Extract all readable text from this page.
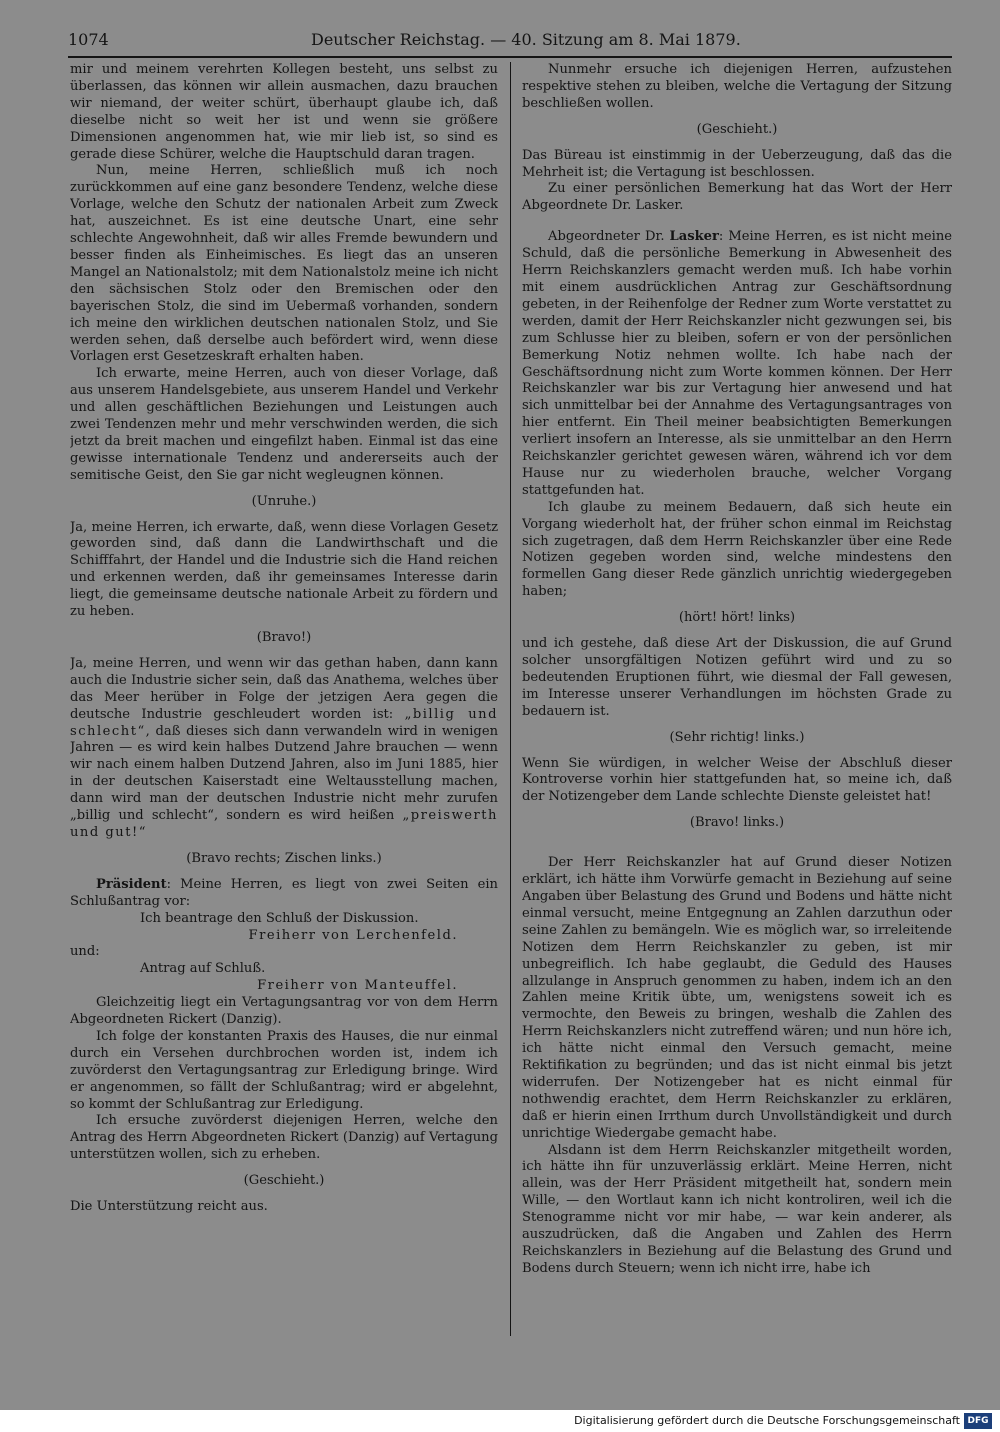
1074	Deutscher Reichstag. — 40. Sitzung am 8. Mai 1879.

mir und meinem verehrten Kollegen besteht, uns selbst zu überlassen, das können wir allein ausmachen, dazu brauchen wir niemand, der weiter schürt, überhaupt glaube ich, daß dieselbe nicht so weit her ist und wenn sie größere Dimensionen angenommen hat, wie mir lieb ist, so sind es gerade diese Schürer, welche die Hauptschuld daran tragen.

Nun, meine Herren, schließlich muß ich noch zurückkommen auf eine ganz besondere Tendenz, welche diese Vorlage, welche den Schutz der nationalen Arbeit zum Zweck hat, auszeichnet. Es ist eine deutsche Unart, eine sehr schlechte Angewohnheit, daß wir alles Fremde bewundern und besser finden als Einheimisches. Es liegt das an unseren Mangel an Nationalstolz; mit dem Nationalstolz meine ich nicht den sächsischen Stolz oder den Bremischen oder den bayerischen Stolz, die sind im Uebermaß vorhanden, sondern ich meine den wirklichen deutschen nationalen Stolz, und Sie werden sehen, daß derselbe auch befördert wird, wenn diese Vorlagen erst Gesetzeskraft erhalten haben.

Ich erwarte, meine Herren, auch von dieser Vorlage, daß aus unserem Handelsgebiete, aus unserem Handel und Verkehr und allen geschäftlichen Beziehungen und Leistungen auch zwei Tendenzen mehr und mehr verschwinden werden, die sich jetzt da breit machen und eingefilzt haben. Einmal ist das eine gewisse internationale Tendenz und andererseits auch der semitische Geist, den Sie gar nicht wegleugnen können.

(Unruhe.)

Ja, meine Herren, ich erwarte, daß, wenn diese Vorlagen Gesetz geworden sind, daß dann die Landwirthschaft und die Schifffahrt, der Handel und die Industrie sich die Hand reichen und erkennen werden, daß ihr gemeinsames Interesse darin liegt, die gemeinsame deutsche nationale Arbeit zu fördern und zu heben.

(Bravo!)

Ja, meine Herren, und wenn wir das gethan haben, dann kann auch die Industrie sicher sein, daß das Anathema, welches über das Meer herüber in Folge der jetzigen Aera gegen die deutsche Industrie geschleudert worden ist: „billig und schlecht“, daß dieses sich dann verwandeln wird in wenigen Jahren — es wird kein halbes Dutzend Jahre brauchen — wenn wir nach einem halben Dutzend Jahren, also im Juni 1885, hier in der deutschen Kaiserstadt eine Weltausstellung machen, dann wird man der deutschen Industrie nicht mehr zurufen „billig und schlecht“, sondern es wird heißen „preiswerth und gut!“

(Bravo rechts; Zischen links.)

Präsident: Meine Herren, es liegt von zwei Seiten ein Schlußantrag vor:

Ich beantrage den Schluß der Diskussion.
Freiherr von Lerchenfeld.
und:
Antrag auf Schluß.
Freiherr von Manteuffel.

Gleichzeitig liegt ein Vertagungsantrag vor von dem Herrn Abgeordneten Rickert (Danzig).

Ich folge der konstanten Praxis des Hauses, die nur einmal durch ein Versehen durchbrochen worden ist, indem ich zuvörderst den Vertagungsantrag zur Erledigung bringe. Wird er angenommen, so fällt der Schlußantrag; wird er abgelehnt, so kommt der Schlußantrag zur Erledigung.

Ich ersuche zuvörderst diejenigen Herren, welche den Antrag des Herrn Abgeordneten Rickert (Danzig) auf Vertagung unterstützen wollen, sich zu erheben.

(Geschieht.)

Die Unterstützung reicht aus.

Nunmehr ersuche ich diejenigen Herren, aufzustehen respektive stehen zu bleiben, welche die Vertagung der Sitzung beschließen wollen.

(Geschieht.)

Das Büreau ist einstimmig in der Ueberzeugung, daß das die Mehrheit ist; die Vertagung ist beschlossen.

Zu einer persönlichen Bemerkung hat das Wort der Herr Abgeordnete Dr. Lasker.

Abgeordneter Dr. Lasker: Meine Herren, es ist nicht meine Schuld, daß die persönliche Bemerkung in Abwesenheit des Herrn Reichskanzlers gemacht werden muß. Ich habe vorhin mit einem ausdrücklichen Antrag zur Geschäftsordnung gebeten, in der Reihenfolge der Redner zum Worte verstattet zu werden, damit der Herr Reichskanzler nicht gezwungen sei, bis zum Schlusse hier zu bleiben, sofern er von der persönlichen Bemerkung Notiz nehmen wollte. Ich habe nach der Geschäftsordnung nicht zum Worte kommen können. Der Herr Reichskanzler war bis zur Vertagung hier anwesend und hat sich unmittelbar bei der Annahme des Vertagungsantrages von hier entfernt. Ein Theil meiner beabsichtigten Bemerkungen verliert insofern an Interesse, als sie unmittelbar an den Herrn Reichskanzler gerichtet gewesen wären, während ich vor dem Hause nur zu wiederholen brauche, welcher Vorgang stattgefunden hat.

Ich glaube zu meinem Bedauern, daß sich heute ein Vorgang wiederholt hat, der früher schon einmal im Reichstag sich zugetragen, daß dem Herrn Reichskanzler über eine Rede Notizen gegeben worden sind, welche mindestens den formellen Gang dieser Rede gänzlich unrichtig wiedergegeben haben;

(hört! hört! links)

und ich gestehe, daß diese Art der Diskussion, die auf Grund solcher unsorgfältigen Notizen geführt wird und zu so bedeutenden Eruptionen führt, wie diesmal der Fall gewesen, im Interesse unserer Verhandlungen im höchsten Grade zu bedauern ist.

(Sehr richtig! links.)

Wenn Sie würdigen, in welcher Weise der Abschluß dieser Kontroverse vorhin hier stattgefunden hat, so meine ich, daß der Notizengeber dem Lande schlechte Dienste geleistet hat!

(Bravo! links.)

Der Herr Reichskanzler hat auf Grund dieser Notizen erklärt, ich hätte ihm Vorwürfe gemacht in Beziehung auf seine Angaben über Belastung des Grund und Bodens und hätte nicht einmal versucht, meine Entgegnung an Zahlen darzuthun oder seine Zahlen zu bemängeln. Wie es möglich war, so irreleitende Notizen dem Herrn Reichskanzler zu geben, ist mir unbegreiflich. Ich habe geglaubt, die Geduld des Hauses allzulange in Anspruch genommen zu haben, indem ich an den Zahlen meine Kritik übte, um, wenigstens soweit ich es vermochte, den Beweis zu bringen, weshalb die Zahlen des Herrn Reichskanzlers nicht zutreffend wären; und nun höre ich, ich hätte nicht einmal den Versuch gemacht, meine Rektifikation zu begründen; und das ist nicht einmal bis jetzt widerrufen. Der Notizengeber hat es nicht einmal für nothwendig erachtet, dem Herrn Reichskanzler zu erklären, daß er hierin einen Irrthum durch Unvollständigkeit und durch unrichtige Wiedergabe gemacht habe.

Alsdann ist dem Herrn Reichskanzler mitgetheilt worden, ich hätte ihn für unzuverlässig erklärt. Meine Herren, nicht allein, was der Herr Präsident mitgetheilt hat, sondern mein Wille, — den Wortlaut kann ich nicht kontroliren, weil ich die Stenogramme nicht vor mir habe, — war kein anderer, als auszudrücken, daß die Angaben und Zahlen des Herrn Reichskanzlers in Beziehung auf die Belastung des Grund und Bodens durch Steuern; wenn ich nicht irre, habe ich

Digitalisierung gefördert durch die Deutsche Forschungsgemeinschaft DFG
